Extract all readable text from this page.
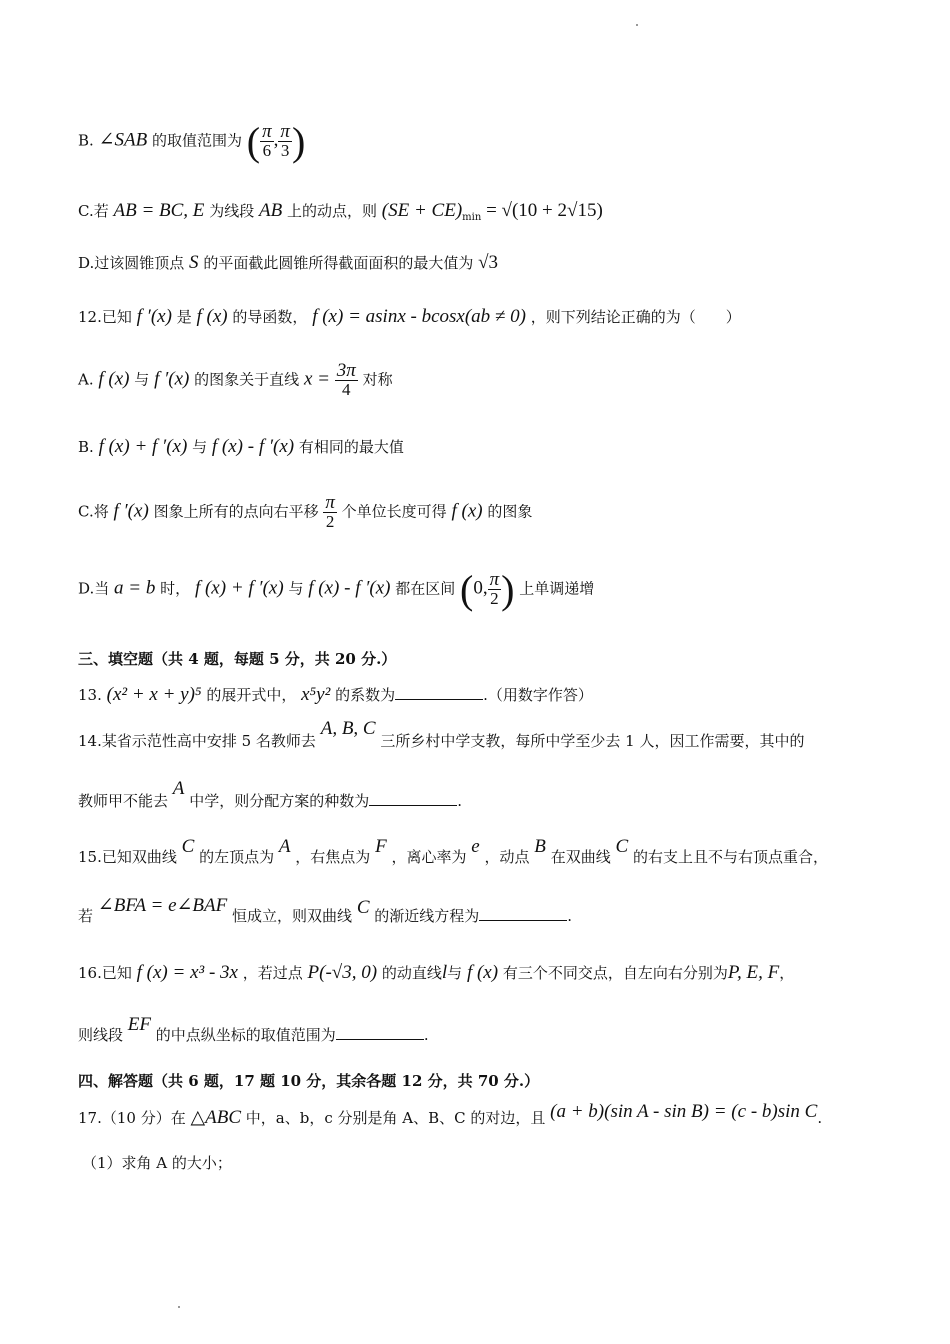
B. ∠SAB 的取值范围为 ( $\frac{\pi}{6}$ , $\frac{\pi}{3}$ )
C.若 AB = BC, E 为线段 AB 上的动点，则 $(SE + CE)_{min} = √(10 + 2√15)$
D.过该圆锥顶点 S 的平面截此圆锥所得截面面积的最大值为 √3
12.已知 f ′(x) 是 f (x) 的导函数， f (x) = asinx - bcosx(ab ≠ 0) ，则下列结论正确的为（　　）
A. f (x) 与 f ′(x) 的图象关于直线 $x = \frac{3\pi}{4}$ 对称
B. f (x) + f ′(x) 与 f (x) - f ′(x) 有相同的最大值
C.将 f ′(x) 图象上所有的点向右平移 $\frac{\pi}{2}$ 个单位长度可得 f (x) 的图象
D.当 a = b 时， f (x) + f ′(x) 与 f (x) - f ′(x) 都在区间 (0, $\frac{\pi}{2}$ ) 上单调递增
三、填空题（共 4 题，每题 5 分，共 20 分.）
13. (x² + x + y)⁵ 的展开式中， x⁵y² 的系数为	.（用数字作答）
14.某省示范性高中安排 5 名教师去 A, B, C 三所乡村中学支教，每所中学至少去 1 人，因工作需要，其中的
教师甲不能去 A 中学，则分配方案的种数为	.
15.已知双曲线 C 的左顶点为 A ，右焦点为 F ，离心率为 e ，动点 B 在双曲线 C 的右支上且不与右顶点重合，
若 ∠BFA = e∠BAF 恒成立，则双曲线 C 的渐近线方程为	.
16.已知 f (x) = x³ - 3x ，若过点 P(-√3, 0) 的动直线l与 f (x) 有三个不同交点，自左向右分别为P, E, F，
则线段 EF 的中点纵坐标的取值范围为	.
四、解答题（共 6 题，17 题 10 分，其余各题 12 分，共 70 分.）
17.（10 分）在 △ABC 中，a、b，c 分别是角 A、B、C 的对边，且 (a + b)(sin A - sin B) = (c - b)sin C.
（1）求角 A 的大小；
